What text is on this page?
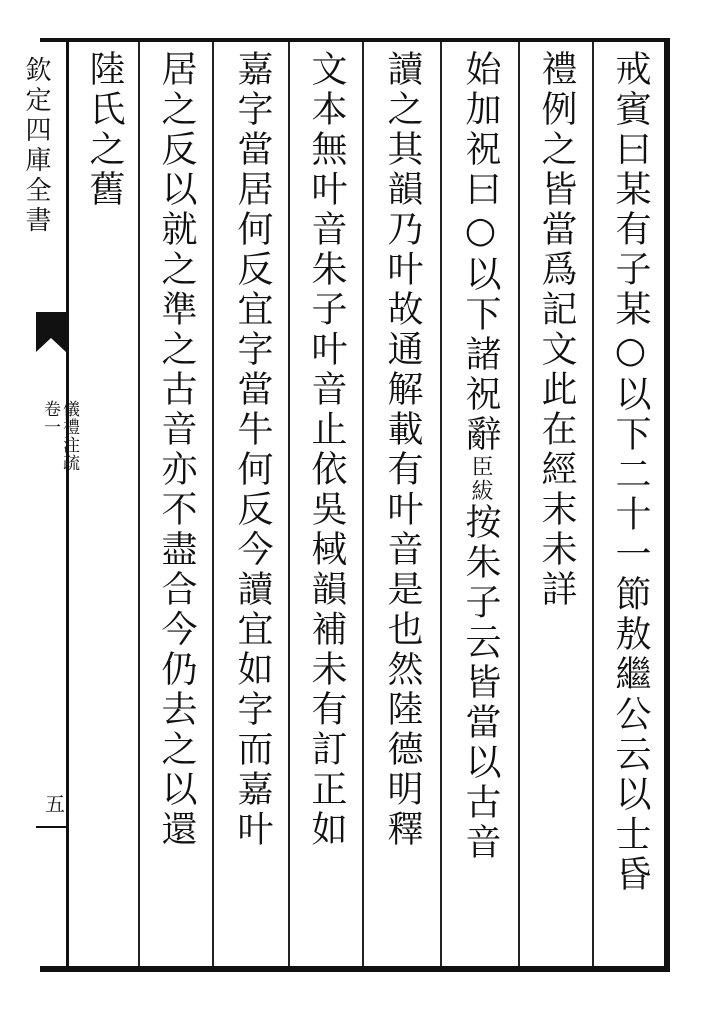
欽定四庫全書
儀禮注疏
卷一
五	戒賓曰某有子某○以下二十一節敖繼公云以士昏
禮例之皆當爲記文此在經末未詳
始加祝曰○以下諸祝辭臣紱按朱子云皆當以古音
讀之其韻乃叶故通解載有叶音是也然陸德明釋
文本無叶音朱子叶音止依吳棫韻補未有訂正如
嘉字當居何反宜字當牛何反今讀宜如字而嘉叶
居之反以就之準之古音亦不盡合今仍去之以還
陸氏之舊
